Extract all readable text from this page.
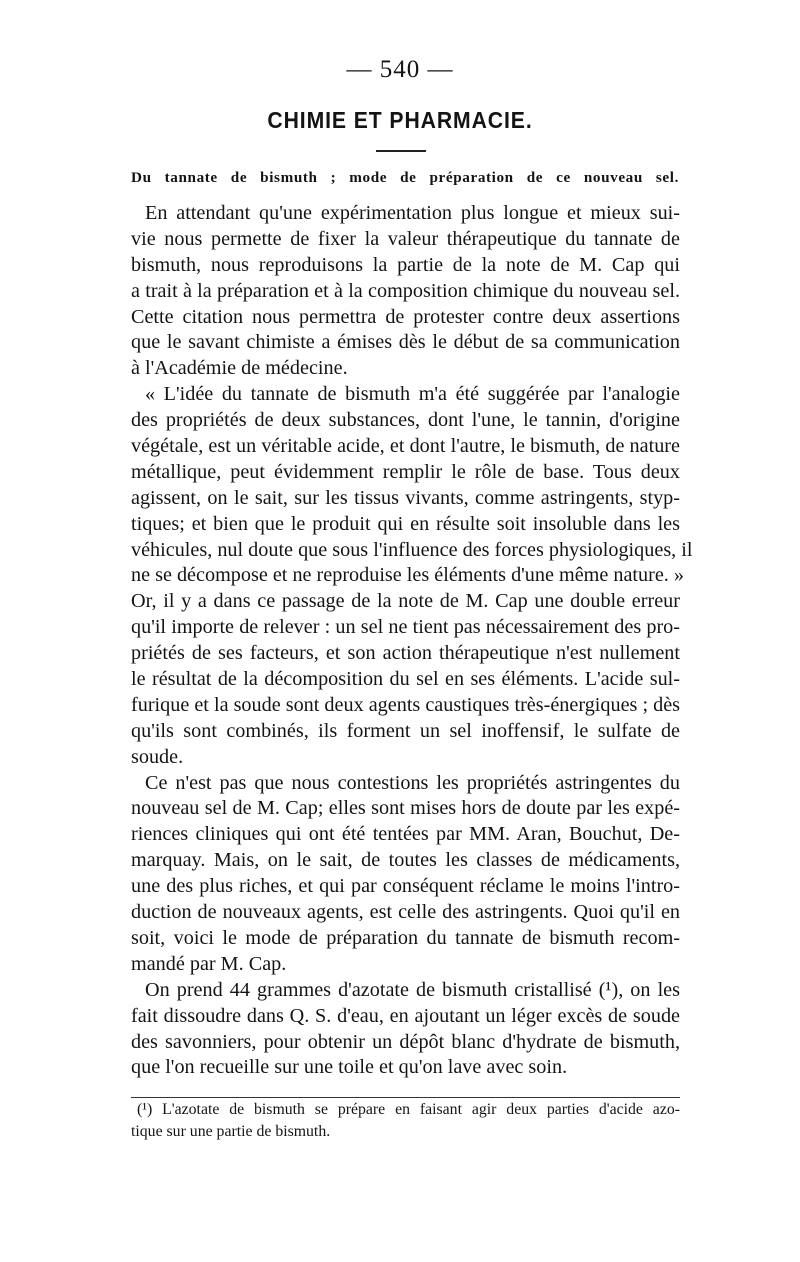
— 540 —
CHIMIE ET PHARMACIE.
Du tannate de bismuth ; mode de préparation de ce nouveau sel.
En attendant qu'une expérimentation plus longue et mieux sui-
vie nous permette de fixer la valeur thérapeutique du tannate de
bismuth, nous reproduisons la partie de la note de M. Cap qui
a trait à la préparation et à la composition chimique du nouveau sel.
Cette citation nous permettra de protester contre deux assertions
que le savant chimiste a émises dès le début de sa communication
à l'Académie de médecine.
« L'idée du tannate de bismuth m'a été suggérée par l'analogie
des propriétés de deux substances, dont l'une, le tannin, d'origine
végétale, est un véritable acide, et dont l'autre, le bismuth, de nature
métallique, peut évidemment remplir le rôle de base. Tous deux
agissent, on le sait, sur les tissus vivants, comme astringents, styp-
tiques; et bien que le produit qui en résulte soit insoluble dans les
véhicules, nul doute que sous l'influence des forces physiologiques, il
ne se décompose et ne reproduise les éléments d'une même nature. »
Or, il y a dans ce passage de la note de M. Cap une double erreur
qu'il importe de relever : un sel ne tient pas nécessairement des pro-
priétés de ses facteurs, et son action thérapeutique n'est nullement
le résultat de la décomposition du sel en ses éléments. L'acide sul-
furique et la soude sont deux agents caustiques très-énergiques ; dès
qu'ils sont combinés, ils forment un sel inoffensif, le sulfate de
soude.
Ce n'est pas que nous contestions les propriétés astringentes du
nouveau sel de M. Cap; elles sont mises hors de doute par les expé-
riences cliniques qui ont été tentées par MM. Aran, Bouchut, De-
marquay. Mais, on le sait, de toutes les classes de médicaments,
une des plus riches, et qui par conséquent réclame le moins l'intro-
duction de nouveaux agents, est celle des astringents. Quoi qu'il en
soit, voici le mode de préparation du tannate de bismuth recom-
mandé par M. Cap.
On prend 44 grammes d'azotate de bismuth cristallisé (¹), on les
fait dissoudre dans Q. S. d'eau, en ajoutant un léger excès de soude
des savonniers, pour obtenir un dépôt blanc d'hydrate de bismuth,
que l'on recueille sur une toile et qu'on lave avec soin.
(¹) L'azotate de bismuth se prépare en faisant agir deux parties d'acide azo-
tique sur une partie de bismuth.
